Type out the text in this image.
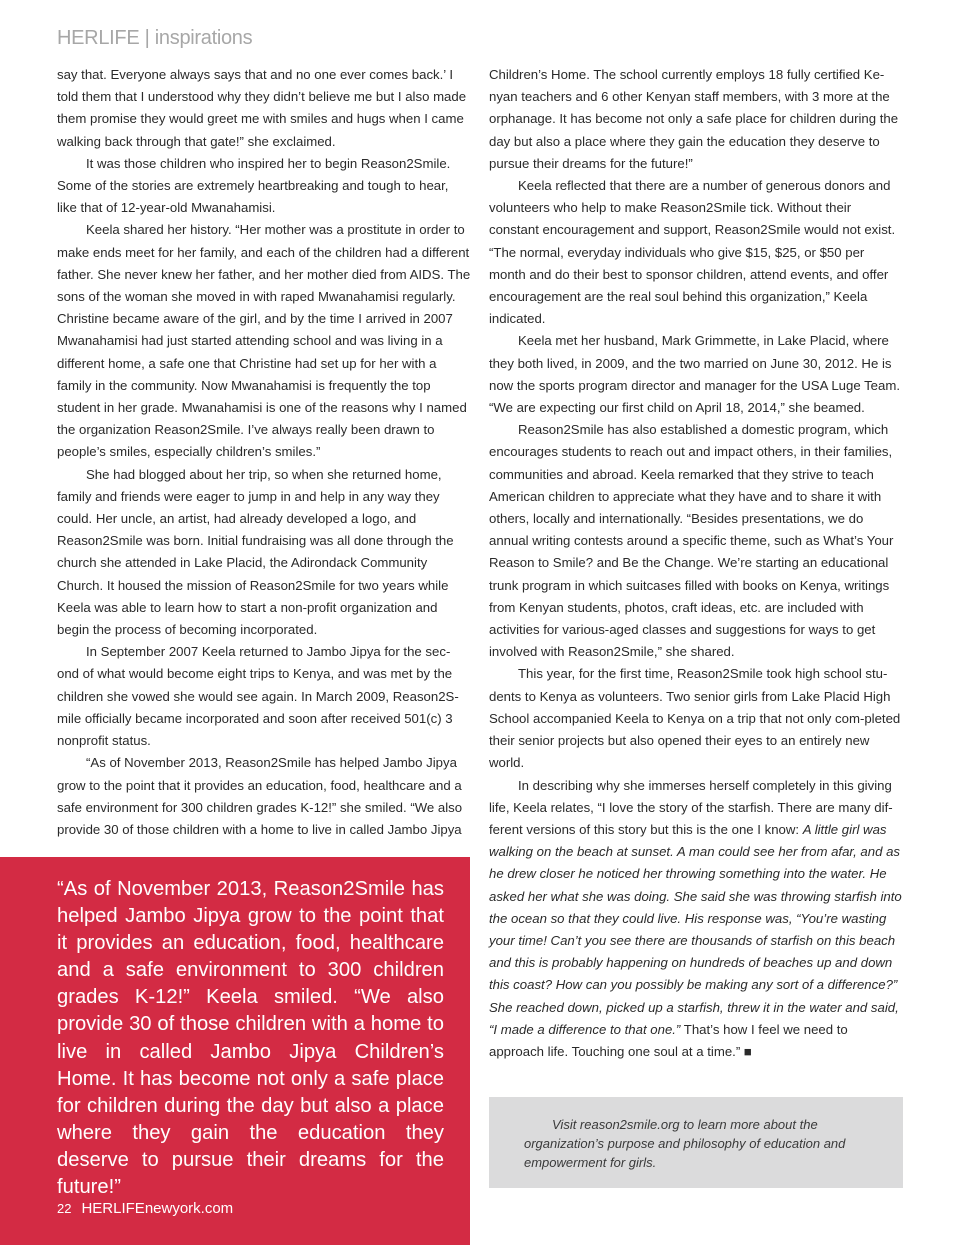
HERLIFE | inspirations

say that. Everyone always says that and no one ever comes back.’ I told them that I understood why they didn’t believe me but I also made them promise they would greet me with smiles and hugs when I came walking back through that gate!” she exclaimed.

It was those children who inspired her to begin Reason2Smile. Some of the stories are extremely heartbreaking and tough to hear, like that of 12-year-old Mwanahamisi.

Keela shared her history. “Her mother was a prostitute in order to make ends meet for her family, and each of the children had a different father. She never knew her father, and her mother died from AIDS. The sons of the woman she moved in with raped Mwanahamisi regularly. Christine became aware of the girl, and by the time I arrived in 2007 Mwanahamisi had just started attending school and was living in a different home, a safe one that Christine had set up for her with a family in the community. Now Mwanahamisi is frequently the top student in her grade. Mwanahamisi is one of the reasons why I named the organization Reason2Smile. I’ve always really been drawn to people’s smiles, especially children’s smiles.”

She had blogged about her trip, so when she returned home, family and friends were eager to jump in and help in any way they could. Her uncle, an artist, had already developed a logo, and Reason2Smile was born. Initial fundraising was all done through the church she attended in Lake Placid, the Adirondack Community Church. It housed the mission of Reason2Smile for two years while Keela was able to learn how to start a non-profit organization and begin the process of becoming incorporated.

In September 2007 Keela returned to Jambo Jipya for the sec-ond of what would become eight trips to Kenya, and was met by the children she vowed she would see again. In March 2009, Reason2S-mile officially became incorporated and soon after received 501(c) 3 nonprofit status.

“As of November 2013, Reason2Smile has helped Jambo Jipya grow to the point that it provides an education, food, healthcare and a safe environment for 300 children grades K-12!” she smiled. “We also provide 30 of those children with a home to live in called Jambo Jipya

Children’s Home. The school currently employs 18 fully certified Ke-nyan teachers and 6 other Kenyan staff members, with 3 more at the orphanage. It has become not only a safe place for children during the day but also a place where they gain the education they deserve to pursue their dreams for the future!”

Keela reflected that there are a number of generous donors and volunteers who help to make Reason2Smile tick. Without their constant encouragement and support, Reason2Smile would not exist. “The normal, everyday individuals who give $15, $25, or $50 per month and do their best to sponsor children, attend events, and offer encouragement are the real soul behind this organization,” Keela indicated.

Keela met her husband, Mark Grimmette, in Lake Placid, where they both lived, in 2009, and the two married on June 30, 2012. He is now the sports program director and manager for the USA Luge Team. “We are expecting our first child on April 18, 2014,” she beamed.

Reason2Smile has also established a domestic program, which encourages students to reach out and impact others, in their families, communities and abroad. Keela remarked that they strive to teach American children to appreciate what they have and to share it with others, locally and internationally. “Besides presentations, we do annual writing contests around a specific theme, such as What’s Your Reason to Smile? and Be the Change. We’re starting an educational trunk program in which suitcases filled with books on Kenya, writings from Kenyan students, photos, craft ideas, etc. are included with activities for various-aged classes and suggestions for ways to get involved with Reason2Smile,” she shared.

This year, for the first time, Reason2Smile took high school stu-dents to Kenya as volunteers. Two senior girls from Lake Placid High School accompanied Keela to Kenya on a trip that not only com-pleted their senior projects but also opened their eyes to an entirely new world.

In describing why she immerses herself completely in this giving life, Keela relates, “I love the story of the starfish. There are many dif-ferent versions of this story but this is the one I know: A little girl was walking on the beach at sunset. A man could see her from afar, and as he drew closer he noticed her throwing something into the water. He asked her what she was doing. She said she was throwing starfish into the ocean so that they could live. His response was, “You’re wasting your time! Can’t you see there are thousands of starfish on this beach and this is probably happening on hundreds of beaches up and down this coast? How can you possibly be making any sort of a difference?” She reached down, picked up a starfish, threw it in the water and said, “I made a difference to that one.” That’s how I feel we need to approach life. Touching one soul at a time.” ■

“As of November 2013, Reason2Smile has helped Jambo Jipya grow to the point that it provides an education, food, healthcare and a safe environment to 300 children grades K-12!” Keela smiled. “We also provide 30 of those children with a home to live in called Jambo Jipya Children’s Home. It has become not only a safe place for children during the day but also a place where they gain the education they deserve to pursue their dreams for the future!”
22 HERLIFEnewyork.com

Visit reason2smile.org to learn more about the organization’s purpose and philosophy of education and empowerment for girls.
